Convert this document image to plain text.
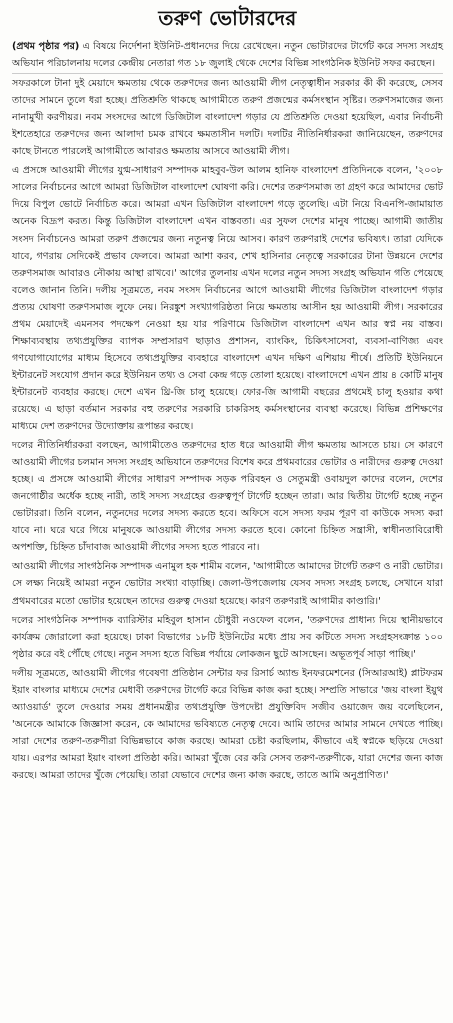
তরুণ ভোটারদের

(প্রথম পৃষ্ঠার পর) এ বিষয়ে নির্দেশনা ইউনিট-প্রধানদের দিয়ে রেখেছেন। নতুন ভোটারদের টার্গেট করে সদস্য সংগ্রহ অভিযান পরিচালনায় দলের কেন্দ্রীয় নেতারা গত ১৮ জুলাই থেকে দেশের বিভিন্ন সাংগঠনিক ইউনিট সফর করছেন।

সফরকালে টানা দুই মেয়াদে ক্ষমতায় থেকে তরুণদের জন্য আওয়ামী লীগ নেতৃত্বাধীন সরকার কী কী করেছে, সেসব তাদের সামনে তুলে ধরা হচ্ছে। প্রতিশ্রুতি থাকছে আগামীতে তরুণ প্রজন্মের কর্মসংস্থান সৃষ্টির। তরুণসমাজের জন্য নানামুখী করণীয়র। নবম সংসদের আগে ডিজিটাল বাংলাদেশ গড়ার যে প্রতিশ্রুতি দেওয়া হয়েছিল, এবার নির্বাচনী ইশতেহারে তরুণদের জন্য আলাদা চমক রাখবে ক্ষমতাসীন দলটি। দলটির নীতিনির্ধারকরা জানিয়েছেন, তরুণদের কাছে টানতে পারলেই আগামীতে আবারও ক্ষমতায় আসবে আওয়ামী লীগ।

এ প্রসঙ্গে আওয়ামী লীগের যুগ্ম-সাধারণ সম্পাদক মাহবুব-উল আলম হানিফ বাংলাদেশ প্রতিদিনকে বলেন, '২০০৮ সালের নির্বাচনের আগে আমরা ডিজিটাল বাংলাদেশ ঘোষণা করি। দেশের তরুণসমাজ তা গ্রহণ করে আমাদের ভোট দিয়ে বিপুল ভোটে নির্বাচিত করে। আমরা এখন ডিজিটাল বাংলাদেশ গড়ে তুলেছি। এটা নিয়ে বিএনপি-জামায়াত অনেক বিদ্রূপ করত। কিন্তু ডিজিটাল বাংলাদেশ এখন বাস্তবতা। এর সুফল দেশের মানুষ পাচ্ছে। আগামী জাতীয় সংসদ নির্বাচনেও আমরা তরুণ প্রজন্মের জন্য নতুনত্ব নিয়ে আসব। কারণ তরুণরাই দেশের ভবিষ্যৎ। তারা যেদিকে যাবে, গণরায় সেদিকেই প্রভাব ফেলবে। আমরা আশা করব, শেখ হাসিনার নেতৃত্বে সরকারের টানা উন্নয়নে দেশের তরুণসমাজ আবারও নৌকায় আস্থা রাখবে।' আগের তুলনায় এখন দলের নতুন সদস্য সংগ্রহ অভিযান গতি পেয়েছে বলেও জানান তিনি। দলীয় সূত্রমতে, নবম সংসদ নির্বাচনের আগে আওয়ামী লীগের ডিজিটাল বাংলাদেশ গড়ার প্রত্যয় ঘোষণা তরুণসমাজ লুফে নেয়। নিরঙ্কুশ সংখ্যাগরিষ্ঠতা নিয়ে ক্ষমতায় আসীন হয় আওয়ামী লীগ। সরকারের প্রথম মেয়াদেই এমনসব পদক্ষেপ নেওয়া হয় যার পরিণামে ডিজিটাল বাংলাদেশ এখন আর স্বপ্ন নয় বাস্তব। শিক্ষাব্যবস্থায় তথ্যপ্রযুক্তির ব্যাপক সম্প্রসারণ ছাড়াও প্রশাসন, ব্যাংকিং, চিকিৎসাসেবা, ব্যবসা-বাণিজ্য এবং গণযোগাযোগের মাধ্যম হিসেবে তথ্যপ্রযুক্তির ব্যবহারে বাংলাদেশ এখন দক্ষিণ এশিয়ায় শীর্ষে। প্রতিটি ইউনিয়নে ইন্টারনেট সংযোগ প্রদান করে ইউনিয়ন তথ্য ও সেবা কেন্দ্র গড়ে তোলা হয়েছে। বাংলাদেশে এখন প্রায় ৪ কোটি মানুষ ইন্টারনেট ব্যবহার করছে। দেশে এখন থ্রি-জি চালু হয়েছে। ফোর-জি আগামী বছরের প্রথমেই চালু হওয়ার কথা রয়েছে। এ ছাড়া বর্তমান সরকার বহু তরুণের সরকারি চাকরিসহ কর্মসংস্থানের ব্যবস্থা করেছে। বিভিন্ন প্রশিক্ষণের মাধ্যমে দেশ তরুণদের উদ্যোক্তায় রূপান্তর করছে।

দলের নীতিনির্ধারকরা বলছেন, আগামীতেও তরুণদের হাত ধরে আওয়ামী লীগ ক্ষমতায় আসতে চায়। সে কারণে আওয়ামী লীগের চলমান সদস্য সংগ্রহ অভিযানে তরুণদের বিশেষ করে প্রথমবারের ভোটার ও নারীদের গুরুত্ব দেওয়া হচ্ছে। এ প্রসঙ্গে আওয়ামী লীগের সাধারণ সম্পাদক সড়ক পরিবহন ও সেতুমন্ত্রী ওবায়দুল কাদের বলেন, দেশের জনগোষ্ঠীর অর্ধেক হচ্ছে নারী, তাই সদস্য সংগ্রহের গুরুত্বপূর্ণ টার্গেট হচ্ছেন তারা। আর দ্বিতীয় টার্গেট হচ্ছে নতুন ভোটাররা। তিনি বলেন, নতুনদের দলের সদস্য করতে হবে। অফিসে বসে সদস্য ফরম পূরণ বা কাউকে সদস্য করা যাবে না। ঘরে ঘরে গিয়ে মানুষকে আওয়ামী লীগের সদস্য করতে হবে। কোনো চিহ্নিত সন্ত্রাসী, স্বাধীনতাবিরোধী অপশক্তি, চিহ্নিত চাঁদাবাজ আওয়ামী লীগের সদস্য হতে পারবে না।

আওয়ামী লীগের সাংগঠনিক সম্পাদক এনামুল হক শামীম বলেন, 'আগামীতে আমাদের টার্গেট তরুণ ও নারী ভোটার। সে লক্ষ্য নিয়েই আমরা নতুন ভোটার সংখ্যা বাড়াচ্ছি। জেলা-উপজেলায় যেসব সদস্য সংগ্রহ চলছে, সেখানে যারা প্রথমবারের মতো ভোটার হয়েছেন তাদের গুরুত্ব দেওয়া হয়েছে। কারণ তরুণরাই আগামীর কাণ্ডারি।'

দলের সাংগঠনিক সম্পাদক ব্যারিস্টার মহিবুল হাসান চৌধুরী নওফেল বলেন, 'তরুণদের প্রাধান্য দিয়ে স্থানীয়ভাবে কার্যক্রম জোরালো করা হয়েছে। ঢাকা বিভাগের ১৮টি ইউনিটের মধ্যে প্রায় সব কটিতে সদস্য সংগ্রহসংক্রান্ত ১০০ পৃষ্ঠার করে বই পৌঁছে গেছে। নতুন সদস্য হতে বিভিন্ন পর্যায়ে লোকজন ছুটে আসছেন। অভূতপূর্ব সাড়া পাচ্ছি।'

দলীয় সূত্রমতে, আওয়ামী লীগের গবেষণা প্রতিষ্ঠান সেন্টার ফর রিসার্চ অ্যান্ড ইনফরমেশনের (সিআরআই) প্লাটফরম ইয়াং বাংলার মাধ্যমে দেশের মেধাবী তরুণদের টার্গেট করে বিভিন্ন কাজ করা হচ্ছে। সম্প্রতি সাভারে 'জয় বাংলা ইয়ুথ অ্যাওয়ার্ড' তুলে দেওয়ার সময় প্রধানমন্ত্রীর তথ্যপ্রযুক্তি উপদেষ্টা প্রযুক্তিবিদ সজীব ওয়াজেদ জয় বলেছিলেন, 'অনেকে আমাকে জিজ্ঞাসা করেন, কে আমাদের ভবিষ্যতে নেতৃত্ব দেবে। আমি তাদের আমার সামনে দেখতে পাচ্ছি। সারা দেশের তরুণ-তরুণীরা বিভিন্নভাবে কাজ করছে। আমরা চেষ্টা করছিলাম, কীভাবে এই স্বপ্নকে ছড়িয়ে দেওয়া যায়। এরপর আমরা ইয়াং বাংলা প্রতিষ্ঠা করি। আমরা খুঁজে বের করি সেসব তরুণ-তরুণীকে, যারা দেশের জন্য কাজ করছে। আমরা তাদের খুঁজে পেয়েছি। তারা যেভাবে দেশের জন্য কাজ করছে, তাতে আমি অনুপ্রাণিত।'
